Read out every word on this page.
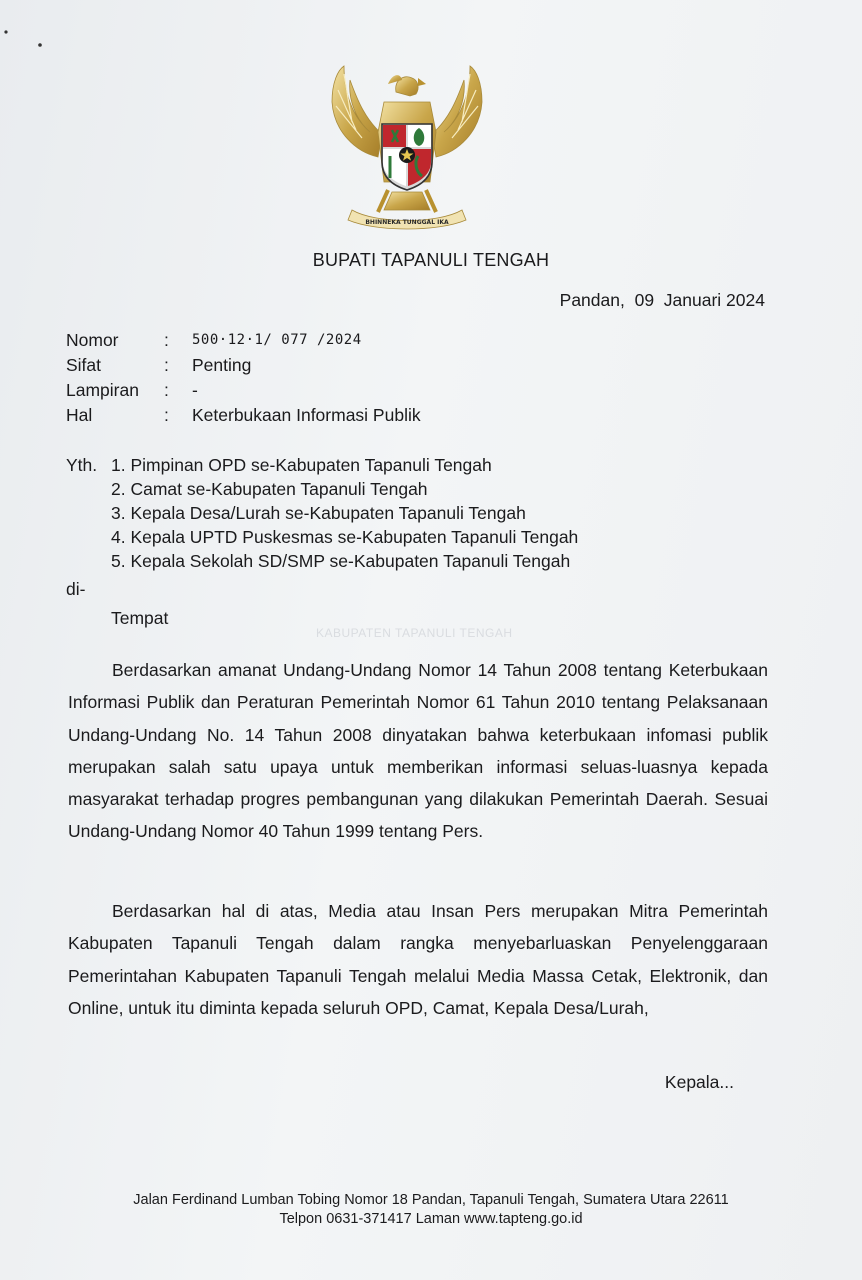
BHINNEKA TUNGGAL IKA
BUPATI TAPANULI TENGAH
Pandan, 09 Januari 2024
Nomor	:	500·12·1/ 077 /2024
Sifat	:	Penting
Lampiran	:	-
Hal	:	Keterbukaan Informasi Publik
Yth. 1. Pimpinan OPD se-Kabupaten Tapanuli Tengah
2. Camat se-Kabupaten Tapanuli Tengah
3. Kepala Desa/Lurah se-Kabupaten Tapanuli Tengah
4. Kepala UPTD Puskesmas se-Kabupaten Tapanuli Tengah
5. Kepala Sekolah SD/SMP se-Kabupaten Tapanuli Tengah
di-
Tempat
KABUPATEN TAPANULI TENGAH
Berdasarkan amanat Undang-Undang Nomor 14 Tahun 2008 tentang Keterbukaan Informasi Publik dan Peraturan Pemerintah Nomor 61 Tahun 2010 tentang Pelaksanaan Undang-Undang No. 14 Tahun 2008 dinyatakan bahwa keterbukaan infomasi publik merupakan salah satu upaya untuk memberikan informasi seluas-luasnya kepada masyarakat terhadap progres pembangunan yang dilakukan Pemerintah Daerah. Sesuai Undang-Undang Nomor 40 Tahun 1999 tentang Pers.
Berdasarkan hal di atas, Media atau Insan Pers merupakan Mitra Pemerintah Kabupaten Tapanuli Tengah dalam rangka menyebarluaskan Penyelenggaraan Pemerintahan Kabupaten Tapanuli Tengah melalui Media Massa Cetak, Elektronik, dan Online, untuk itu diminta kepada seluruh OPD, Camat, Kepala Desa/Lurah,
Kepala...
Jalan Ferdinand Lumban Tobing Nomor 18 Pandan, Tapanuli Tengah, Sumatera Utara 22611
Telpon 0631-371417 Laman www.tapteng.go.id
